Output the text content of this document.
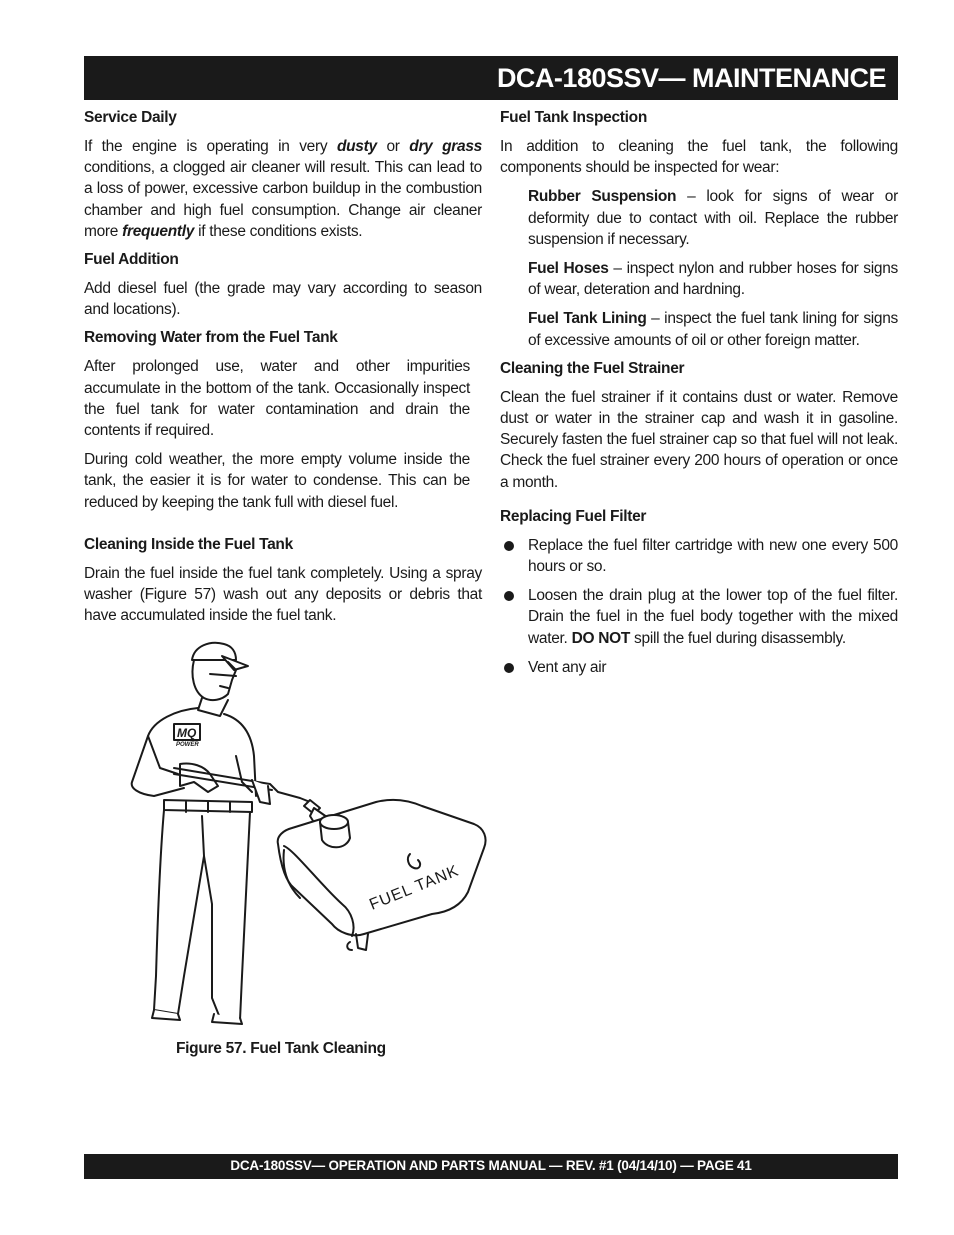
DCA-180SSV— MAINTENANCE
Service Daily

If the engine is operating in very dusty or dry grass conditions, a clogged air cleaner will result. This can lead to a loss of power, excessive carbon buildup in the combustion chamber and high fuel consumption. Change air cleaner more frequently if these conditions exists.

Fuel Addition

Add diesel fuel (the grade may vary according to season and locations).

Removing Water from the Fuel Tank

After prolonged use, water and other impurities accumulate in the bottom of the tank. Occasionally inspect the fuel tank for water contamination and drain the contents if required.

During cold weather, the more empty volume inside the tank, the easier it is for water to condense. This can be reduced by keeping the tank full with diesel fuel.

Cleaning Inside the Fuel Tank

Drain the fuel inside the fuel tank completely. Using a spray washer (Figure 57) wash out any deposits or debris that have accumulated inside the fuel tank.

MQ
POWER
FUEL TANK
Figure 57. Fuel Tank Cleaning
Fuel Tank Inspection

In addition to cleaning the fuel tank, the following components should be inspected for wear:

Rubber Suspension – look for signs of wear or deformity due to contact with oil. Replace the rubber suspension if necessary.

Fuel Hoses – inspect nylon and rubber hoses for signs of wear, deteration and hardning.

Fuel Tank Lining – inspect the fuel tank lining for signs of excessive amounts of oil or other foreign matter.

Cleaning the Fuel Strainer

Clean the fuel strainer if it contains dust or water. Remove dust or water in the strainer cap and wash it in gasoline. Securely fasten the fuel strainer cap so that fuel will not leak. Check the fuel strainer every 200 hours of operation or once a month.

Replacing Fuel Filter
Replace the fuel filter cartridge with new one every 500 hours or so.
Loosen the drain plug at the lower top of the fuel filter. Drain the fuel in the fuel body together with the mixed water. DO NOT spill the fuel during disassembly.
Vent any air
DCA-180SSV— OPERATION AND PARTS MANUAL — REV. #1 (04/14/10) — PAGE 41
